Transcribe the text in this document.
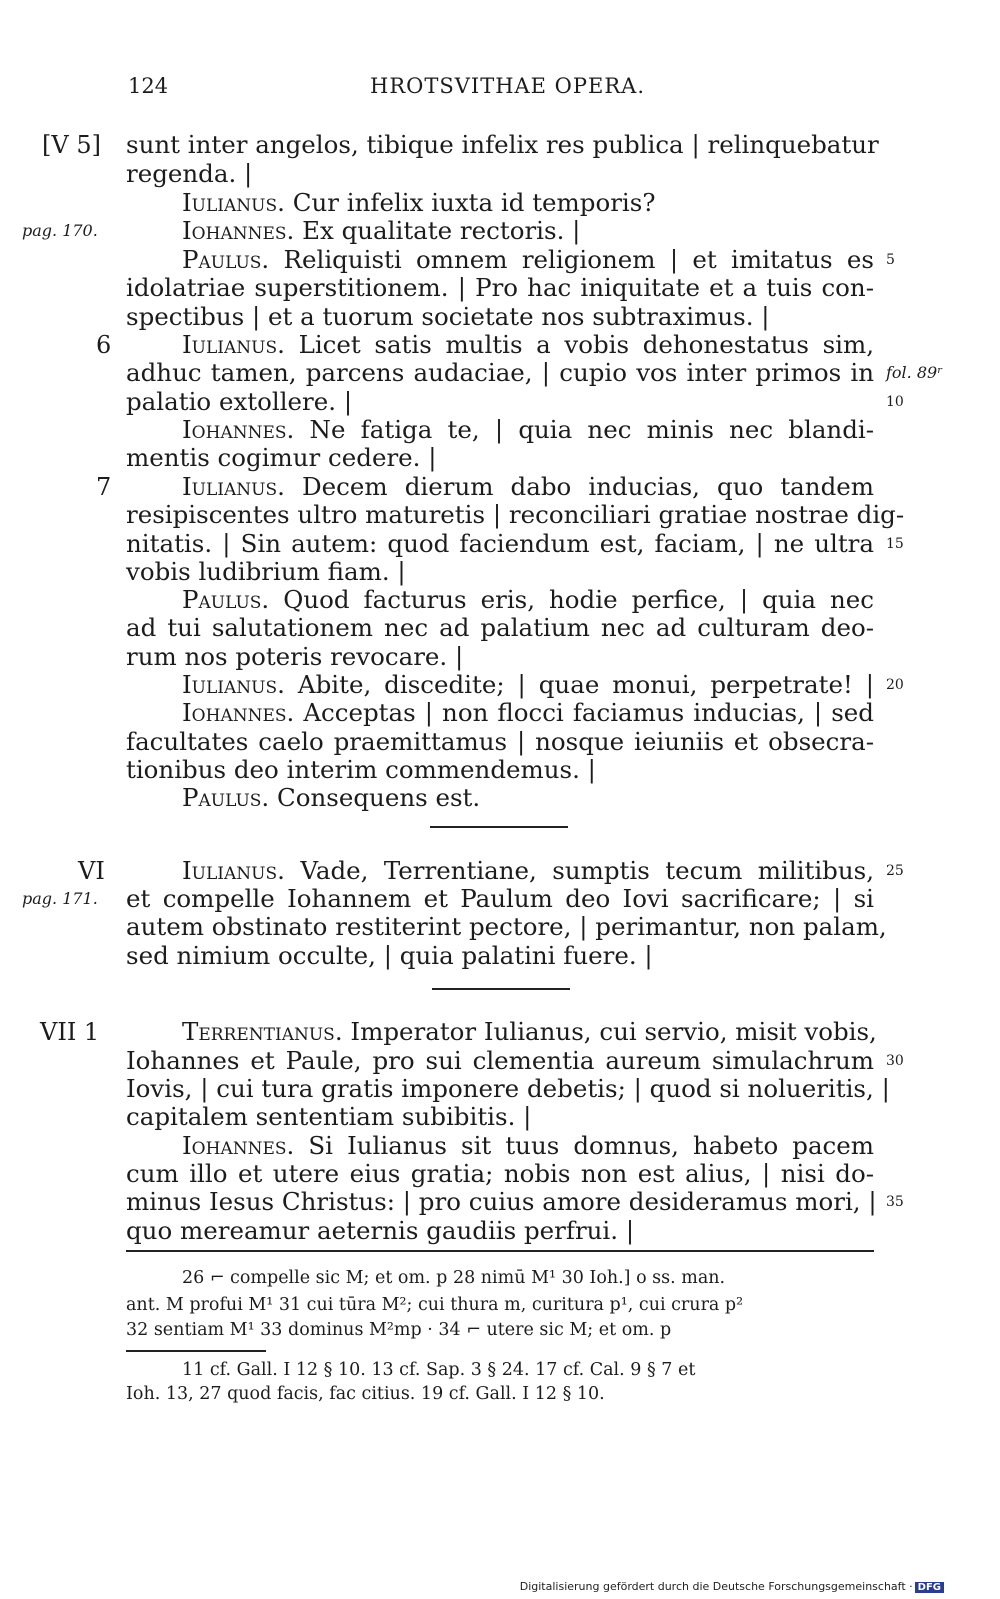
124	HROTSVITHAE OPERA.
sunt inter angelos, tibique infelix res publica | relinquebatur
[V 5]
regenda. |
Iulianus. Cur infelix iuxta id temporis?
Iohannes. Ex qualitate rectoris. |
pag. 170.
Paulus. Reliquisti omnem religionem | et imitatus es 5
idolatriae superstitionem. | Pro hac iniquitate et a tuis con-
spectibus | et a tuorum societate nos subtraximus. |
Iulianus. Licet satis multis a vobis dehonestatus sim,
6
adhuc tamen, parcens audaciae, | cupio vos inter primos in fol. 89ʳ
palatio extollere. |	10
Iohannes. Ne fatiga te, | quia nec minis nec blandi-
mentis cogimur cedere. |
Iulianus. Decem dierum dabo inducias, quo tandem
7
resipiscentes ultro maturetis | reconciliari gratiae nostrae dig-
nitatis. | Sin autem: quod faciendum est, faciam, | ne ultra 15
vobis ludibrium fiam. |
Paulus. Quod facturus eris, hodie perfice, | quia nec
ad tui salutationem nec ad palatium nec ad culturam deo-
rum nos poteris revocare. |
Iulianus. Abite, discedite; | quae monui, perpetrate! | 20
Iohannes. Acceptas | non flocci faciamus inducias, | sed
facultates caelo praemittamus | nosque ieiuniis et obsecra-
tionibus deo interim commendemus. |
Paulus. Consequens est.
Iulianus. Vade, Terrentiane, sumptis tecum militibus,
VI	25
et compelle Iohannem et Paulum deo Iovi sacrificare; | si
pag. 171.
autem obstinato restiterint pectore, | perimantur, non palam,
sed nimium occulte, | quia palatini fuere. |
Terrentianus. Imperator Iulianus, cui servio, misit vobis,
VII 1
Iohannes et Paule, pro sui clementia aureum simulachrum 30
Iovis, | cui tura gratis imponere debetis; | quod si nolueritis, |
capitalem sententiam subibitis. |
Iohannes. Si Iulianus sit tuus domnus, habeto pacem
cum illo et utere eius gratia; nobis non est alius, | nisi do-
minus Iesus Christus: | pro cuius amore desideramus mori, | 35
quo mereamur aeternis gaudiis perfrui. |
26 ⌐ compelle sic M; et om. p 28 nimū M¹ 30 Ioh.] o ss. man.
ant. M profui M¹ 31 cui tūra M²; cui thura m, curitura p¹, cui crura p²
32 sentiam M¹ 33 dominus M²mp · 34 ⌐ utere sic M; et om. p
11 cf. Gall. I 12 § 10. 13 cf. Sap. 3 § 24. 17 cf. Cal. 9 § 7 et
Ioh. 13, 27 quod facis, fac citius. 19 cf. Gall. I 12 § 10.
Digitalisierung gefördert durch die Deutsche Forschungsgemeinschaft · DFG
